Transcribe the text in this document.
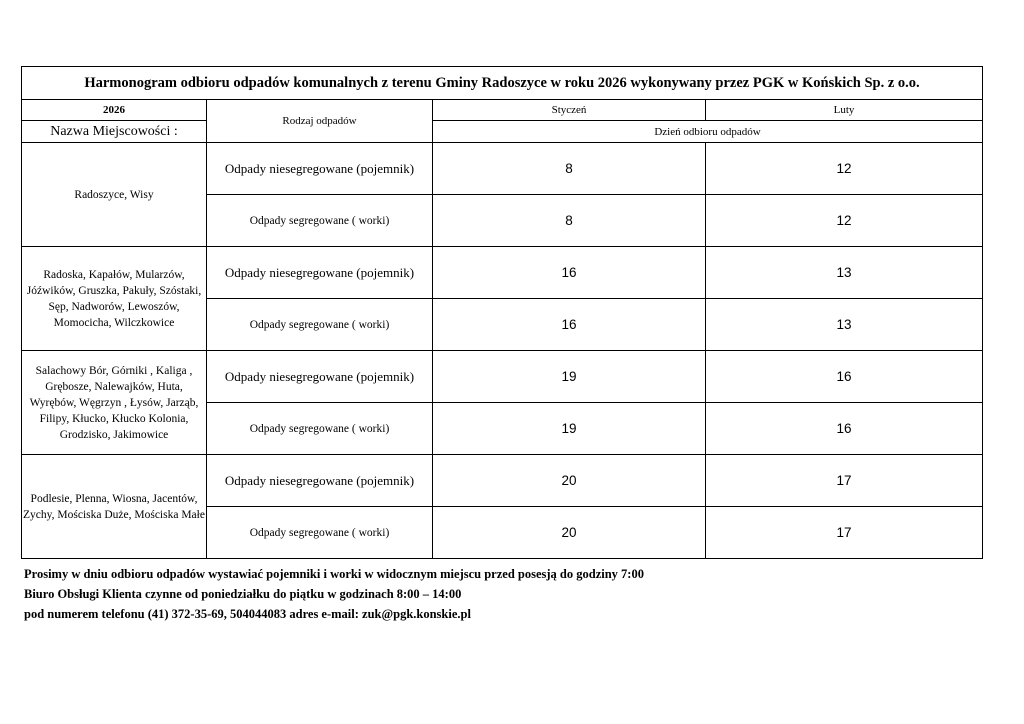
Harmonogram odbioru odpadów komunalnych z terenu Gminy Radoszyce w roku 2026 wykonywany przez PGK w Końskich Sp. z o.o.			
2026	Rodzaj odpadów	Styczeń	Luty
Nazwa Miejscowości :		Dzień odbioru odpadów	
Radoszyce, Wisy	Odpady niesegregowane (pojemnik)	8	12
	Odpady segregowane ( worki)	8	12
Radoska, Kapałów, Mularzów, Jóźwików, Gruszka, Pakuły, Szóstaki, Sęp, Nadworów, Lewoszów, Momocicha, Wilczkowice	Odpady niesegregowane (pojemnik)	16	13
	Odpady segregowane ( worki)	16	13
Salachowy Bór, Górniki , Kaliga , Grębosze, Nalewajków, Huta, Wyrębów, Węgrzyn , Łysów, Jarząb, Filipy, Kłucko, Kłucko Kolonia, Grodzisko, Jakimowice	Odpady niesegregowane (pojemnik)	19	16
	Odpady segregowane ( worki)	19	16
Podlesie, Plenna, Wiosna, Jacentów, Zychy, Mościska Duże, Mościska Małe	Odpady niesegregowane (pojemnik)	20	17
	Odpady segregowane ( worki)	20	17
Prosimy w dniu odbioru odpadów wystawiać pojemniki i worki w widocznym miejscu przed posesją do godziny 7:00
Biuro Obsługi Klienta czynne od poniedziałku do piątku w godzinach 8:00 – 14:00
pod numerem telefonu (41) 372-35-69, 504044083 adres e-mail: zuk@pgk.konskie.pl
